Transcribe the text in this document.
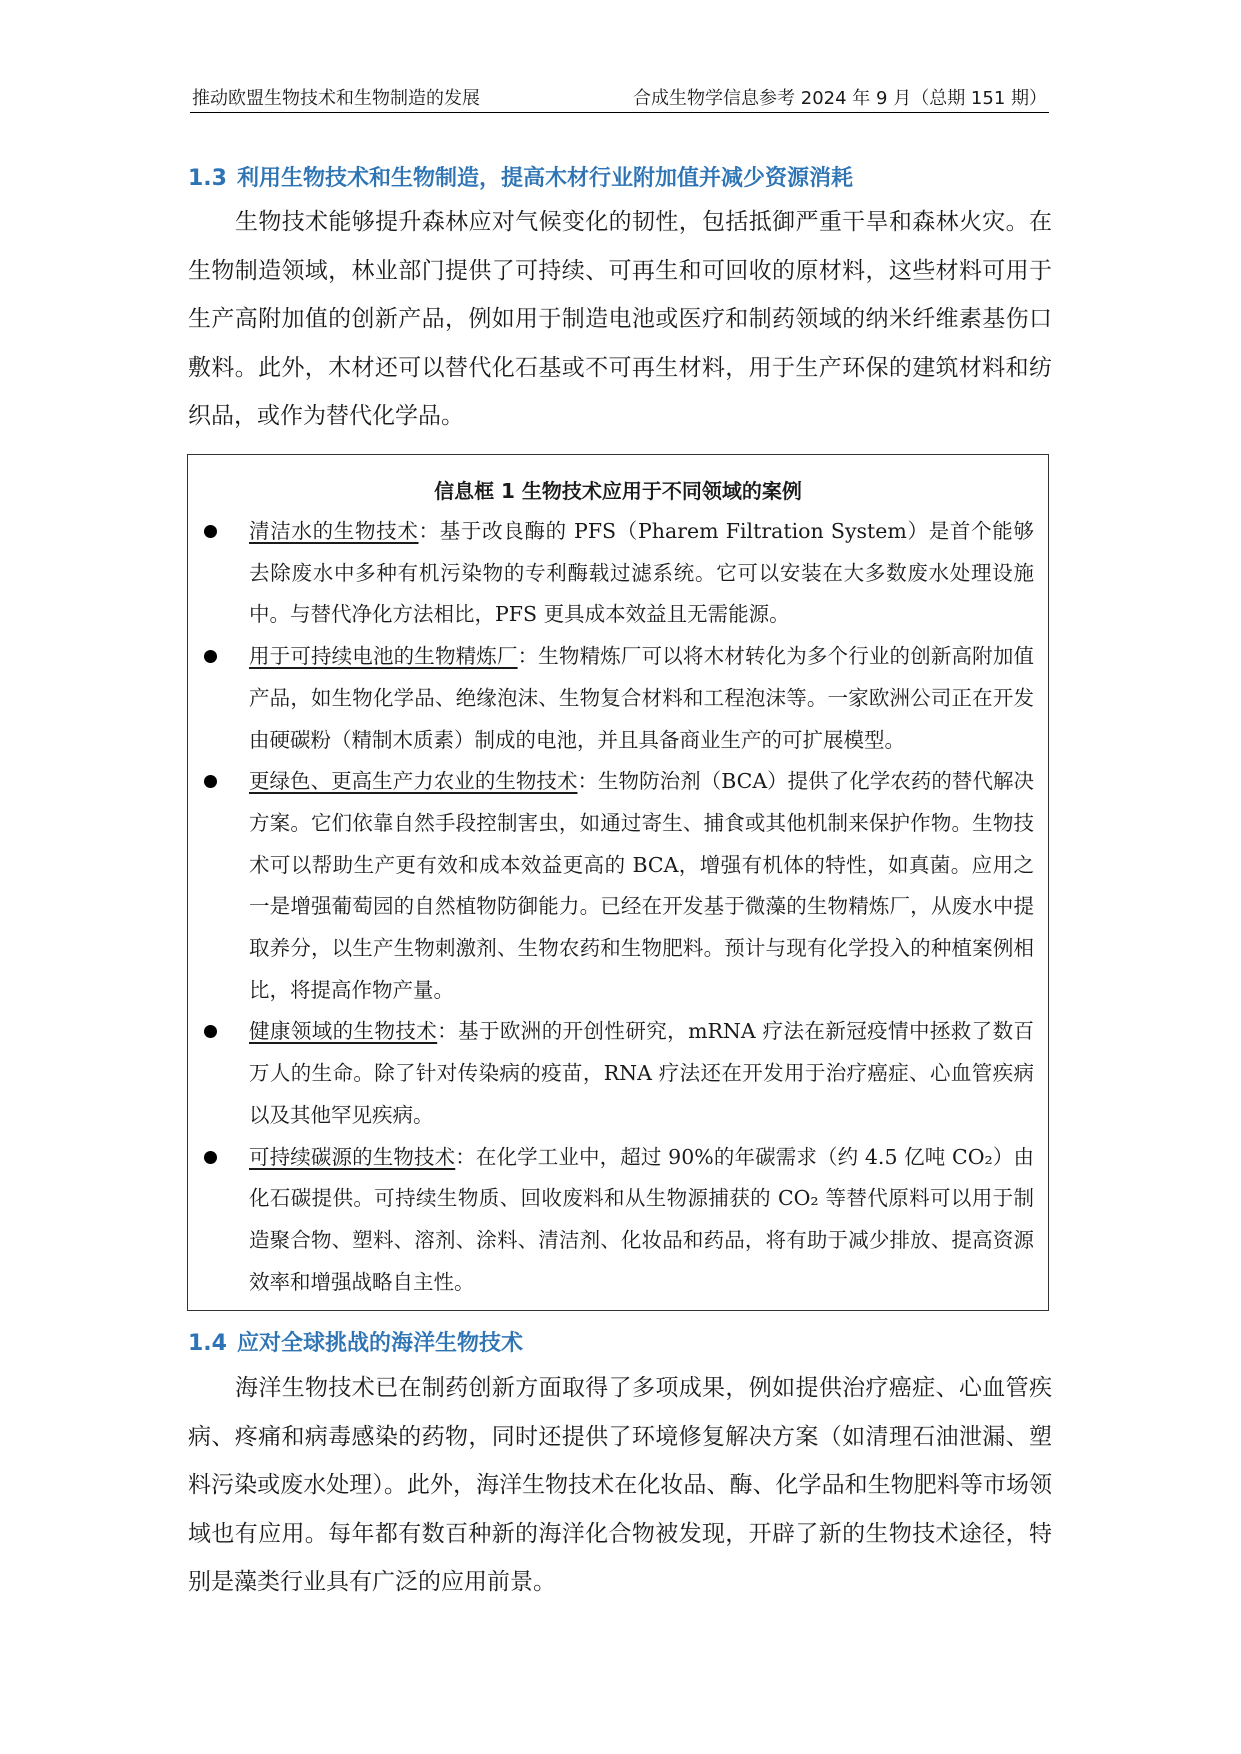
推动欧盟生物技术和生物制造的发展	合成生物学信息参考 2024 年 9 月（总期 151 期）
1.3 利用生物技术和生物制造，提高木材行业附加值并减少资源消耗

生物技术能够提升森林应对气候变化的韧性，包括抵御严重干旱和森林火灾。在生物制造领域，林业部门提供了可持续、可再生和可回收的原材料，这些材料可用于生产高附加值的创新产品，例如用于制造电池或医疗和制药领域的纳米纤维素基伤口敷料。此外，木材还可以替代化石基或不可再生材料，用于生产环保的建筑材料和纺织品，或作为替代化学品。

信息框 1 生物技术应用于不同领域的案例
清洁水的生物技术：基于改良酶的 PFS（Pharem Filtration System）是首个能够去除废水中多种有机污染物的专利酶载过滤系统。它可以安装在大多数废水处理设施中。与替代净化方法相比，PFS 更具成本效益且无需能源。
用于可持续电池的生物精炼厂：生物精炼厂可以将木材转化为多个行业的创新高附加值产品，如生物化学品、绝缘泡沫、生物复合材料和工程泡沫等。一家欧洲公司正在开发由硬碳粉（精制木质素）制成的电池，并且具备商业生产的可扩展模型。
更绿色、更高生产力农业的生物技术：生物防治剂（BCA）提供了化学农药的替代解决方案。它们依靠自然手段控制害虫，如通过寄生、捕食或其他机制来保护作物。生物技术可以帮助生产更有效和成本效益更高的 BCA，增强有机体的特性，如真菌。应用之一是增强葡萄园的自然植物防御能力。已经在开发基于微藻的生物精炼厂，从废水中提取养分，以生产生物刺激剂、生物农药和生物肥料。预计与现有化学投入的种植案例相比，将提高作物产量。
健康领域的生物技术：基于欧洲的开创性研究，mRNA 疗法在新冠疫情中拯救了数百万人的生命。除了针对传染病的疫苗，RNA 疗法还在开发用于治疗癌症、心血管疾病以及其他罕见疾病。
可持续碳源的生物技术：在化学工业中，超过 90%的年碳需求（约 4.5 亿吨 CO₂）由化石碳提供。可持续生物质、回收废料和从生物源捕获的 CO₂ 等替代原料可以用于制造聚合物、塑料、溶剂、涂料、清洁剂、化妆品和药品，将有助于减少排放、提高资源效率和增强战略自主性。
1.4 应对全球挑战的海洋生物技术

海洋生物技术已在制药创新方面取得了多项成果，例如提供治疗癌症、心血管疾病、疼痛和病毒感染的药物，同时还提供了环境修复解决方案（如清理石油泄漏、塑料污染或废水处理）。此外，海洋生物技术在化妆品、酶、化学品和生物肥料等市场领域也有应用。每年都有数百种新的海洋化合物被发现，开辟了新的生物技术途径，特别是藻类行业具有广泛的应用前景。
